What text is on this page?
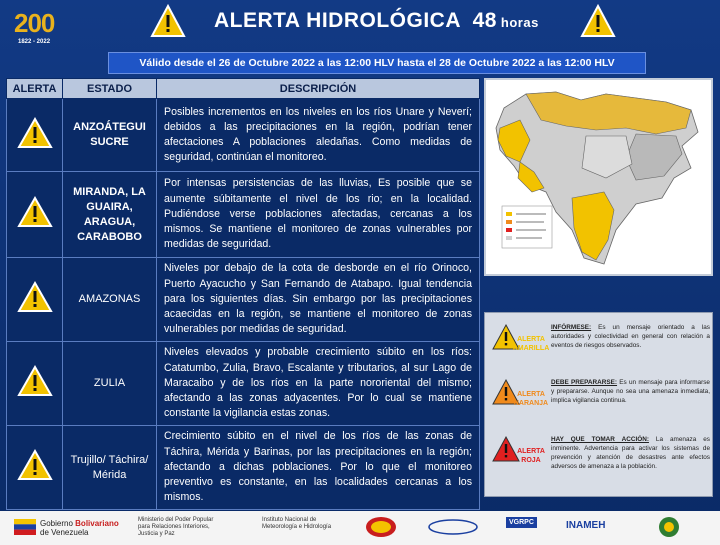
200
1822 - 2022
ALERTA HIDROLÓGICA 48 horas
Válido desde el 26 de Octubre 2022 a las 12:00 HLV hasta el 28 de Octubre 2022 a las 12:00 HLV
ALERTA	ESTADO	DESCRIPCIÓN
	ANZOÁTEGUI SUCRE	Posibles incrementos en los niveles en los ríos Unare y Neverí; debidos a las precipitaciones en la región, podrían tener afectaciones A poblaciones aledañas. Como medidas de seguridad, continúan el monitoreo.
	MIRANDA, LA GUAIRA, ARAGUA, CARABOBO	Por intensas persistencias de las lluvias, Es posible que se aumente súbitamente el nivel de los rio; en la localidad. Pudiéndose verse poblaciones afectadas, cercanas a los mismos. Se mantiene el monitoreo de zonas vulnerables por medidas de seguridad.
	AMAZONAS	Niveles por debajo de la cota de desborde en el río Orinoco, Puerto Ayacucho y San Fernando de Atabapo. Igual tendencia para los siguientes días. Sin embargo por las precipitaciones acaecidas en la región, se mantiene el monitoreo de zonas vulnerables por medidas de seguridad.
	ZULIA	Niveles elevados y probable crecimiento súbito en los ríos: Catatumbo, Zulia, Bravo, Escalante y tributarios, al sur Lago de Maracaibo y de los ríos en la parte nororiental del mismo; afectando a las zonas adyacentes. Por lo cual se mantiene constante la vigilancia estas zonas.
	Trujillo/ Táchira/ Mérida	Crecimiento súbito en el nivel de los ríos de las zonas de Táchira, Mérida y Barinas, por las precipitaciones en la región; afectando a dichas poblaciones. Por lo que el monitoreo preventivo es constante, en las localidades cercanas a los mismos.
ALERTA AMARILLA
INFÓRMESE: Es un mensaje orientado a las autoridades y colectividad en general con relación a eventos de riesgos observados.
ALERTA NARANJA
DEBE PREPARARSE: Es un mensaje para informarse y prepararse. Aunque no sea una amenaza inmediata, implica vigilancia continua.
ALERTA ROJA
HAY QUE TOMAR ACCIÓN: La amenaza es inminente. Advertencia para activar los sistemas de prevención y atención de desastres ante efectos adversos de amenaza a la población.
Gobierno Bolivariano
de Venezuela
Ministerio del Poder Popular para Relaciones Interiores, Justicia y Paz
Instituto Nacional de Meteorología e Hidrología
VGRPC	INAMEH
